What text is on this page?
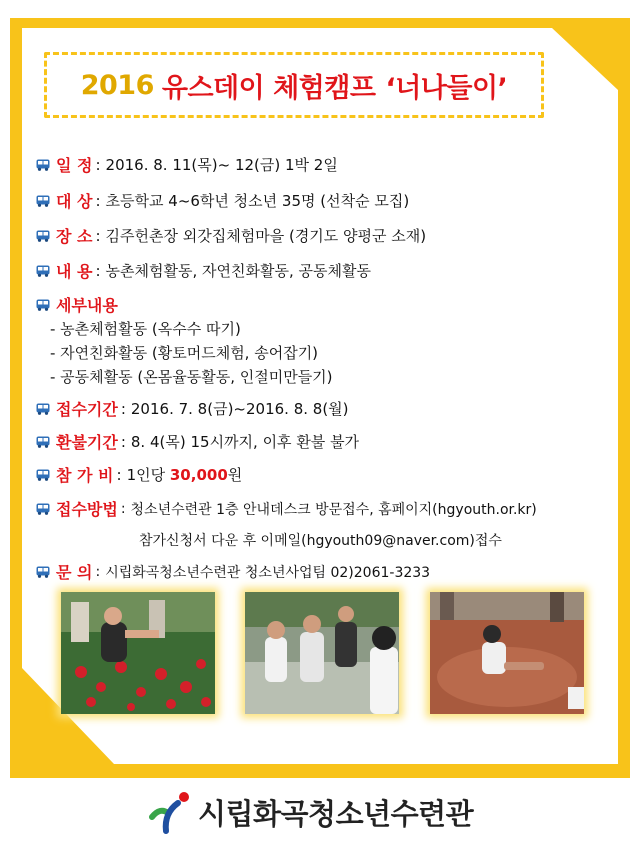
2016 유스데이 체험캠프 ‘너나들이’
일 정 : 2016. 8. 11(목)~ 12(금) 1박 2일
대 상 : 초등학교 4~6학년 청소년 35명 (선착순 모집)
장 소 : 김주헌촌장 외갓집체험마을 (경기도 양평군 소재)
내 용 : 농촌체험활동, 자연친화활동, 공동체활동
세부내용
- 농촌체험활동 (옥수수 따기)
- 자연친화활동 (황토머드체험, 송어잡기)
- 공동체활동 (온몸율동활동, 인절미만들기)
접수기간 : 2016. 7. 8(금)~2016. 8. 8(월)
환불기간 : 8. 4(목) 15시까지, 이후 환불 불가
참 가 비 : 1인당 30,000 원
접수방법 : 청소년수련관 1층 안내데스크 방문접수, 홈페이지(hgyouth.or.kr)
참가신청서 다운 후 이메일(hgyouth09@naver.com)접수
문 의 : 시립화곡청소년수련관 청소년사업팀 02)2061-3233
시립화곡청소년수련관
